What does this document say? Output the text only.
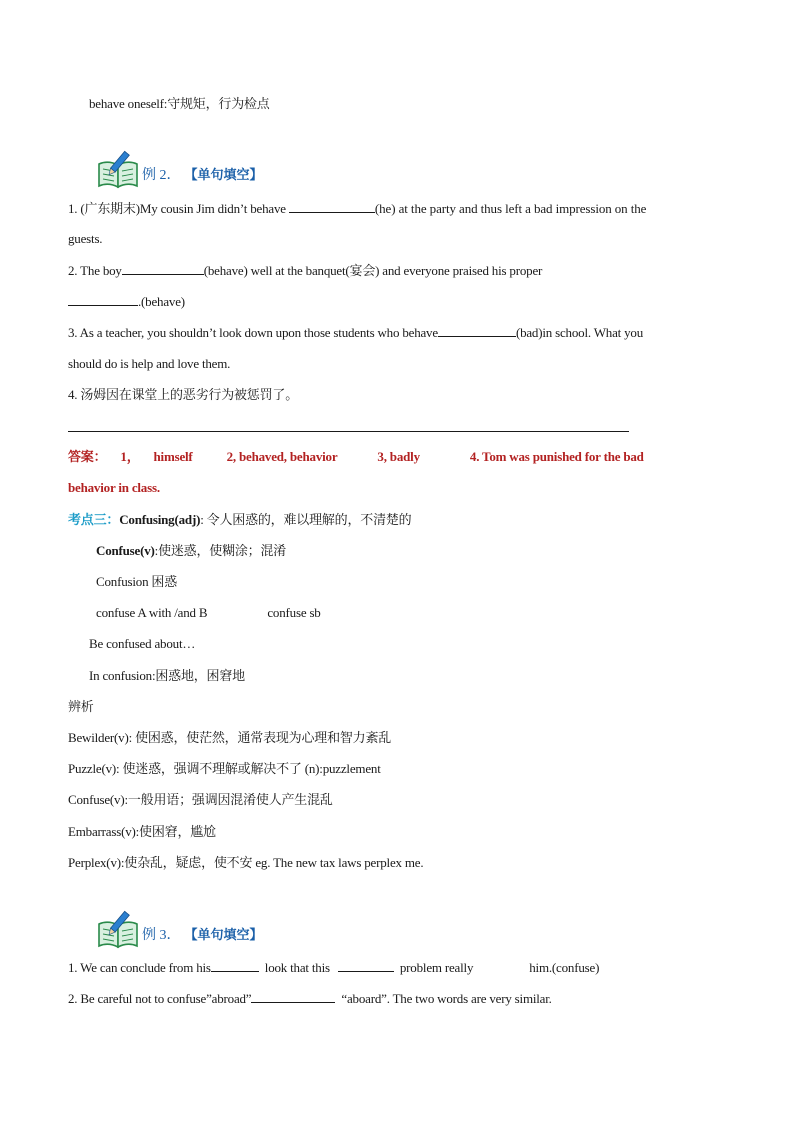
behave oneself:守规矩，行为检点
例 2． 【单句填空】
1. (广东期末)My cousin Jim didn’t behave	(he) at the party and thus left a bad impression on the
guests.
2. The boy	(behave) well at the banquet(宴会) and everyone praised his proper
.(behave)
3. As a teacher, you shouldn’t look down upon those students who behave	(bad)in school. What you
should do is help and love them.
4. 汤姆因在课堂上的恶劣行为被惩罚了。
答案： 1， himself	2, behaved, behavior	3, badly	4. Tom was punished for the bad
behavior in class.
考点三：Confusing(adj): 令人困惑的，难以理解的，不清楚的
Confuse(v):使迷惑，使糊涂；混淆
Confusion 困惑
confuse A with /and B	confuse sb
Be confused about…
In confusion:困惑地，困窘地
辨析
Bewilder(v): 使困惑，使茫然，通常表现为心理和智力紊乱
Puzzle(v): 使迷惑，强调不理解或解决不了 (n):puzzlement
Confuse(v):一般用语；强调因混淆使人产生混乱
Embarrass(v):使困窘，尴尬
Perplex(v):使杂乱，疑虑，使不安 eg. The new tax laws perplex me.
例 3． 【单句填空】
1. We can conclude from his	look that this	problem really	him.(confuse)
2. Be careful not to confuse”abroad”	“aboard”. The two words are very similar.
